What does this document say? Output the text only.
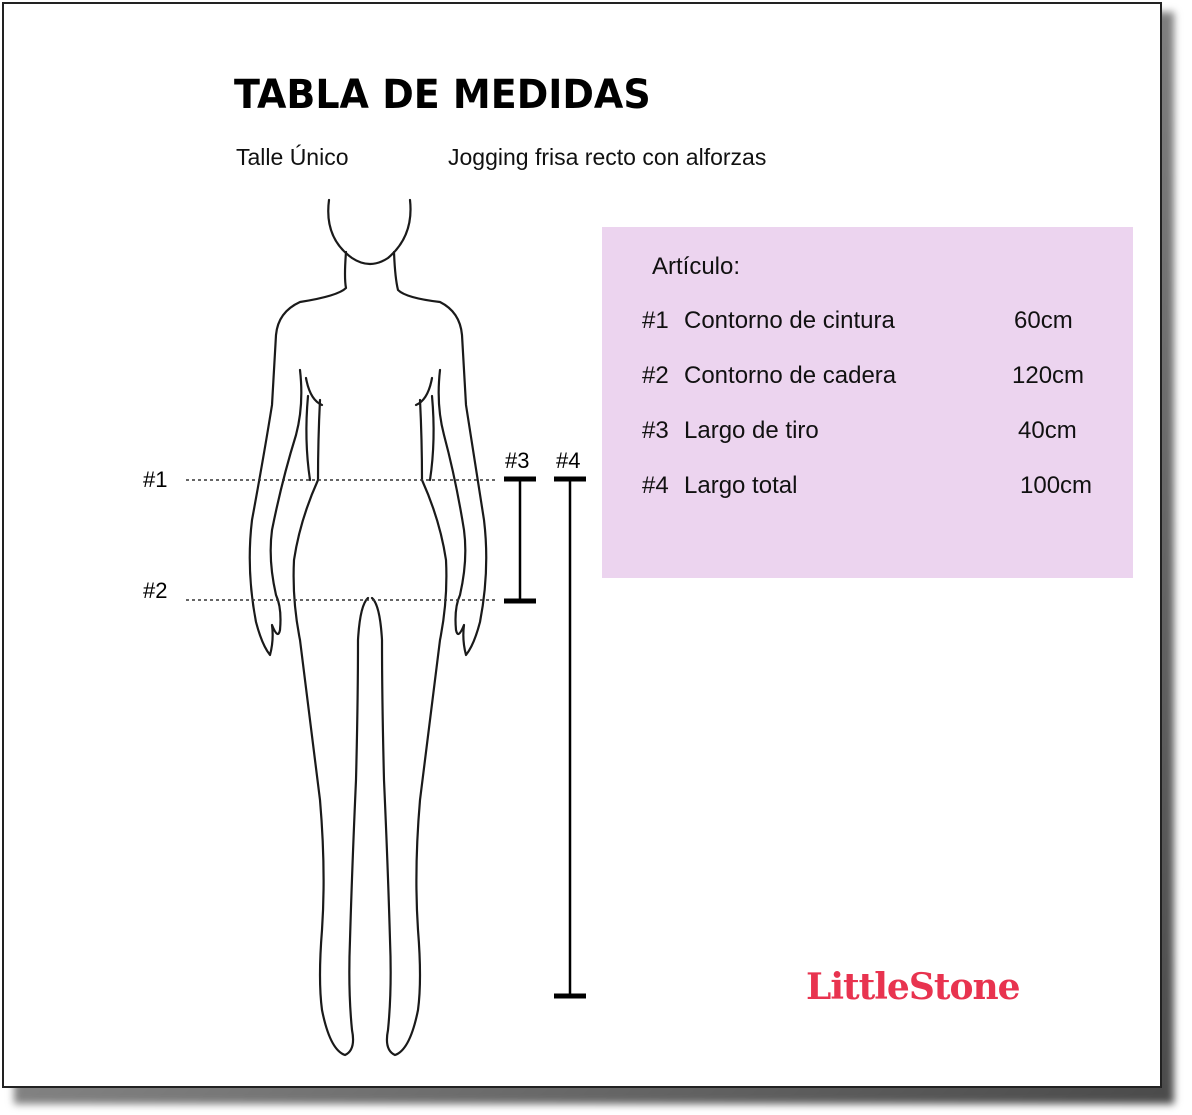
TABLA DE MEDIDAS
Talle Único	Jogging frisa recto con alforzas
#1
#2
#3 #4
Artículo:
#1 Contorno de cintura	60cm
#2 Contorno de cadera	120cm
#3 Largo de tiro	40cm
#4 Largo total	100cm
LittleStone
